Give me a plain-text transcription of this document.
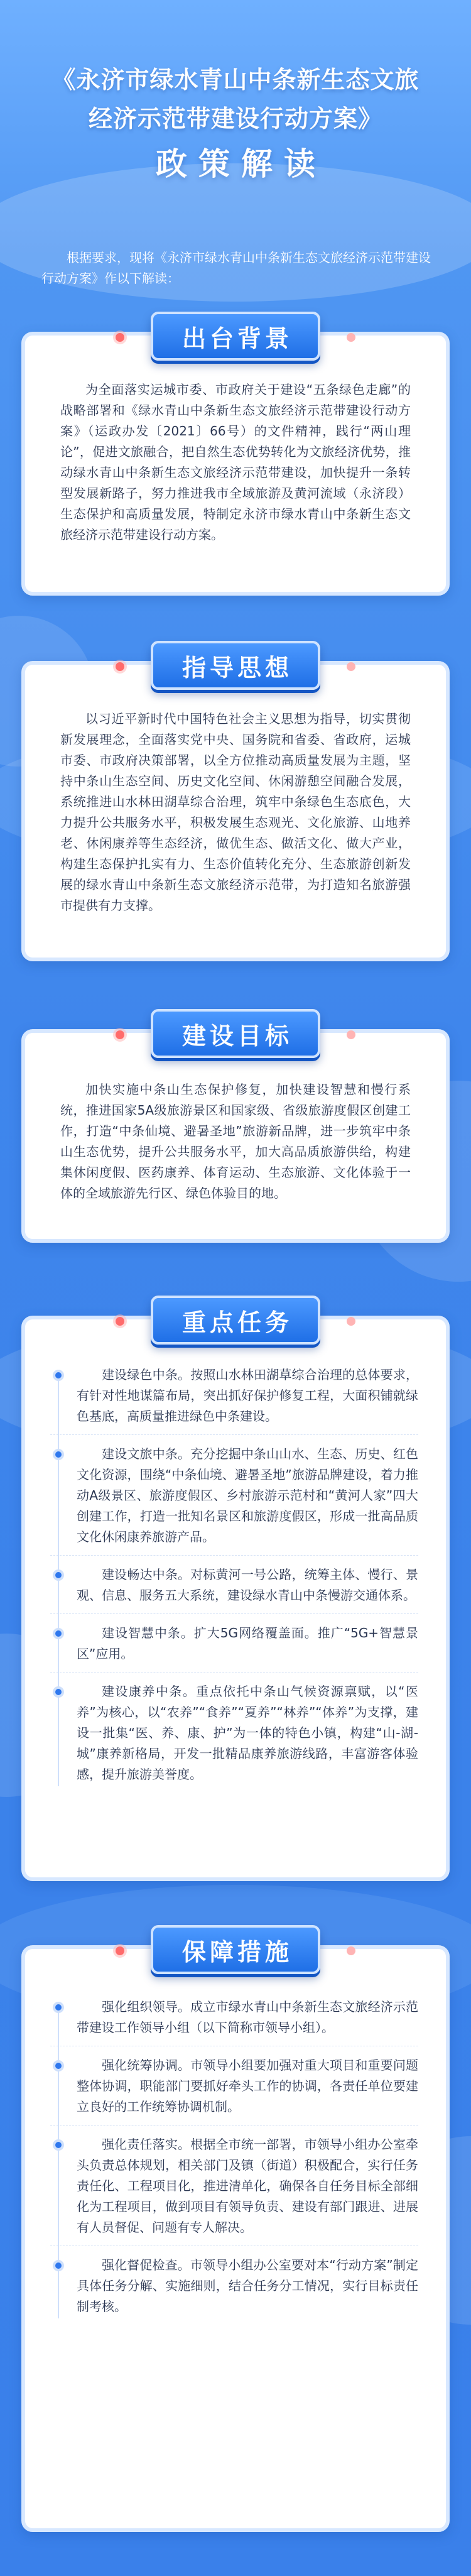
《永济市绿水青山中条新生态文旅
经济示范带建设行动方案》
政策解读

根据要求，现将《永济市绿水青山中条新生态文旅经济示范带建设行动方案》作以下解读：

出台背景

为全面落实运城市委、市政府关于建设“五条绿色走廊”的战略部署和《绿水青山中条新生态文旅经济示范带建设行动方案》（运政办发〔2021〕66号）的文件精神，践行“两山理论”，促进文旅融合，把自然生态优势转化为文旅经济优势，推动绿水青山中条新生态文旅经济示范带建设，加快提升一条转型发展新路子，努力推进我市全域旅游及黄河流域（永济段）生态保护和高质量发展，特制定永济市绿水青山中条新生态文旅经济示范带建设行动方案。

指导思想

以习近平新时代中国特色社会主义思想为指导，切实贯彻新发展理念，全面落实党中央、国务院和省委、省政府，运城市委、市政府决策部署，以全方位推动高质量发展为主题，坚持中条山生态空间、历史文化空间、休闲游憩空间融合发展，系统推进山水林田湖草综合治理，筑牢中条绿色生态底色，大力提升公共服务水平，积极发展生态观光、文化旅游、山地养老、休闲康养等生态经济，做优生态、做活文化、做大产业，构建生态保护扎实有力、生态价值转化充分、生态旅游创新发展的绿水青山中条新生态文旅经济示范带，为打造知名旅游强市提供有力支撑。

建设目标

加快实施中条山生态保护修复，加快建设智慧和慢行系统，推进国家5A级旅游景区和国家级、省级旅游度假区创建工作，打造“中条仙境、避暑圣地”旅游新品牌，进一步筑牢中条山生态优势，提升公共服务水平，加大高品质旅游供给，构建集休闲度假、医药康养、体育运动、生态旅游、文化体验于一体的全域旅游先行区、绿色体验目的地。

重点任务
建设绿色中条。按照山水林田湖草综合治理的总体要求，有针对性地谋篇布局，突出抓好保护修复工程，大面积铺就绿色基底，高质量推进绿色中条建设。
建设文旅中条。充分挖掘中条山山水、生态、历史、红色文化资源，围绕“中条仙境、避暑圣地”旅游品牌建设，着力推动A级景区、旅游度假区、乡村旅游示范村和“黄河人家”四大创建工作，打造一批知名景区和旅游度假区，形成一批高品质文化休闲康养旅游产品。
建设畅达中条。对标黄河一号公路，统筹主体、慢行、景观、信息、服务五大系统，建设绿水青山中条慢游交通体系。
建设智慧中条。扩大5G网络覆盖面。推广“5G+智慧景区”应用。
建设康养中条。重点依托中条山气候资源禀赋，以“医养”为核心，以“农养”“食养”“夏养”“林养”“体养”为支撑，建设一批集“医、养、康、护”为一体的特色小镇，构建“山-湖-城”康养新格局，开发一批精品康养旅游线路，丰富游客体验感，提升旅游美誉度。
保障措施
强化组织领导。成立市绿水青山中条新生态文旅经济示范带建设工作领导小组（以下简称市领导小组）。
强化统筹协调。市领导小组要加强对重大项目和重要问题整体协调，职能部门要抓好牵头工作的协调，各责任单位要建立良好的工作统筹协调机制。
强化责任落实。根据全市统一部署，市领导小组办公室牵头负责总体规划，相关部门及镇（街道）积极配合，实行任务责任化、工程项目化，推进清单化，确保各自任务目标全部细化为工程项目，做到项目有领导负责、建设有部门跟进、进展有人员督促、问题有专人解决。
强化督促检查。市领导小组办公室要对本“行动方案”制定具体任务分解、实施细则，结合任务分工情况，实行目标责任制考核。
